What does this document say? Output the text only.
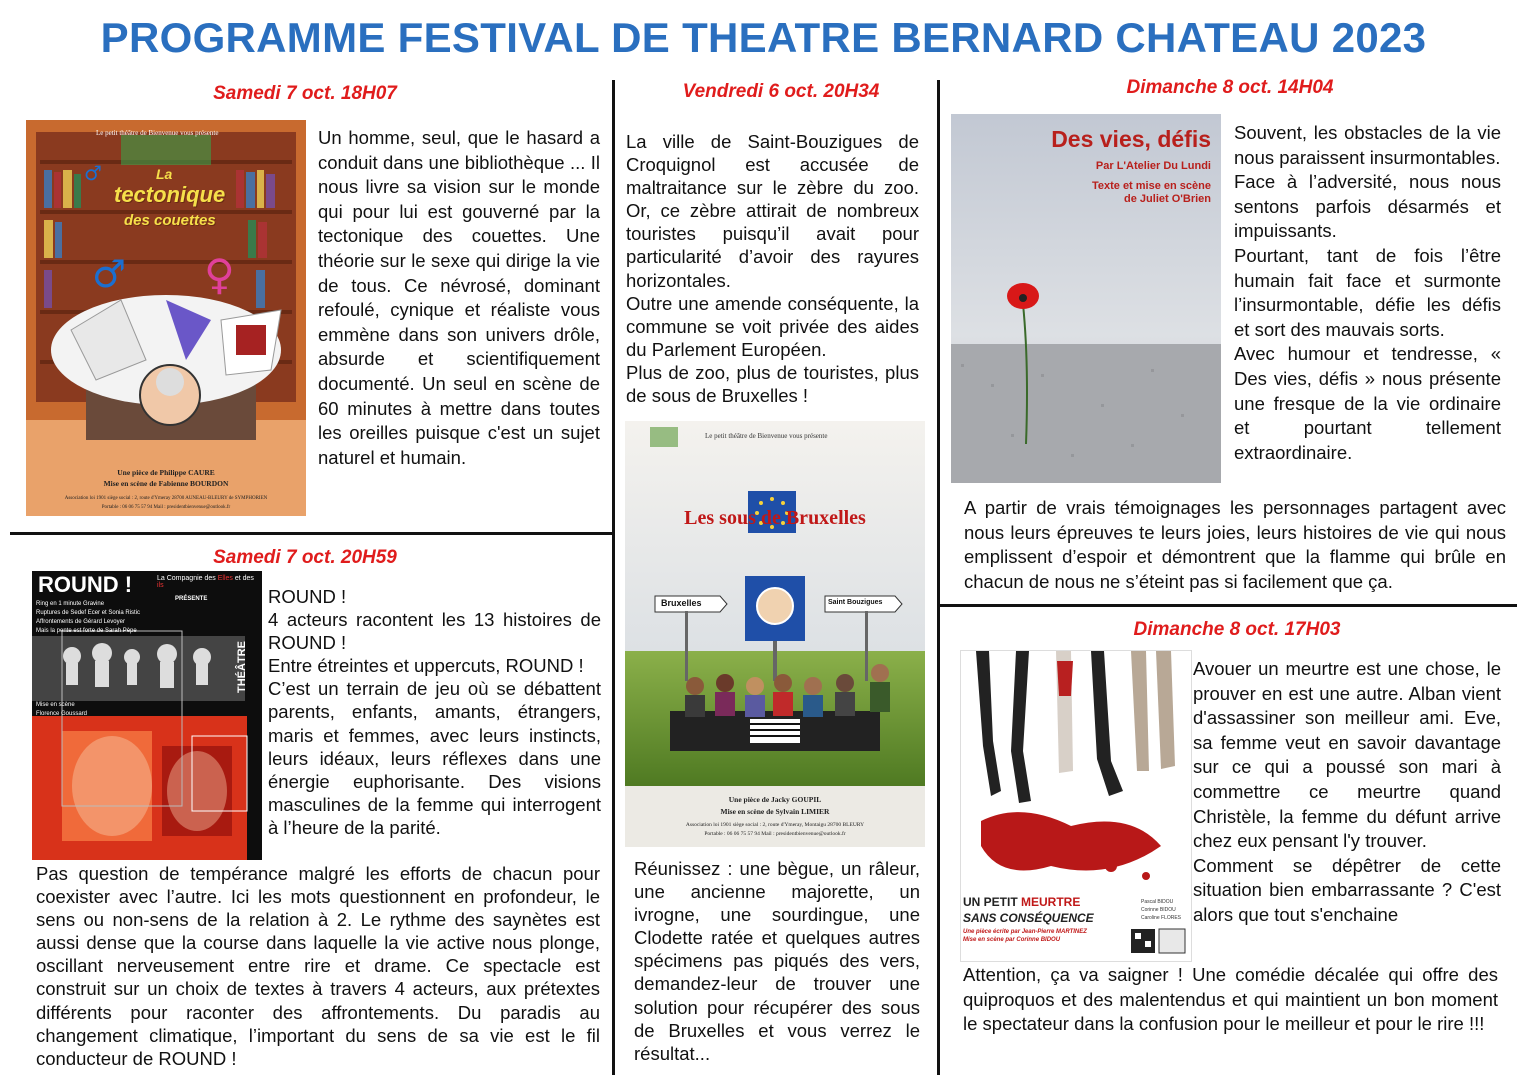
PROGRAMME FESTIVAL DE THEATRE BERNARD CHATEAU 2023
Samedi 7 oct. 18H07
♂
Le petit théâtre de Bienvenue vous présente
La
tectonique
des couettes
♂ ♀
Une pièce de Philippe CAURE
Mise en scène de Fabienne BOURDON
Association loi 1901 siège social : 2, route d'Ymeray 28700 AUNEAU-BLEURY de SYMPHORIEN
Portable : 06 06 75 57 94 Mail : presidentbienvenue@outlook.fr

Un homme, seul, que le hasard a conduit dans une bibliothèque ... Il nous livre sa vision sur le monde qui pour lui est gouverné par la tectonique des couettes. Une théorie sur le sexe qui dirige la vie de tous. Ce névrosé, dominant refoulé, cynique et réaliste vous emmène dans son univers drôle, absurde et scientifiquement documenté. Un seul en scène de 60 minutes à mettre dans toutes les oreilles puisque c'est un sujet naturel et humain.

Samedi 7 oct. 20H59
ROUND !	La Compagnie des Elles et des ils
PRÉSENTE
Ring en 1 minute Gravine
Ruptures de Sedef Ecer et Sonia Ristic
Affrontements de Gérard Levoyer
Mais la pente est forte de Sarah Pèpe
THÉÂTRE
Mise en scène
Florence Goussard

ROUND !

4 acteurs racontent les 13 histoires de ROUND !

Entre étreintes et uppercuts, ROUND !

C’est un terrain de jeu où se débattent parents, enfants, amants, étrangers, maris et femmes, avec leurs instincts, leurs idéaux, leurs réflexes dans une énergie euphorisante. Des visions masculines de la femme qui interrogent à l’heure de la parité.

Pas question de tempérance malgré les efforts de chacun pour coexister avec l’autre. Ici les mots questionnent en profondeur, le sens ou non-sens de la relation à 2. Le rythme des saynètes est aussi dense que la course dans laquelle la vie active nous plonge, oscillant nerveusement entre rire et drame. Ce spectacle est construit sur un choix de textes à travers 4 acteurs, aux prétextes différents pour raconter des affrontements. Du paradis au changement climatique, l’important du sens de sa vie est le fil conducteur de ROUND !
Vendredi 6 oct. 20H34

La ville de Saint-Bouzigues de Croquignol est accusée de maltraitance sur le zèbre du zoo. Or, ce zèbre attirait de nombreux touristes puisqu’il avait pour particularité d’avoir des rayures horizontales.

Outre une amende conséquente, la commune se voit privée des aides du Parlement Européen.

Plus de zoo, plus de touristes, plus de sous de Bruxelles !

Le petit théâtre de Bienvenue vous présente
Les sous de Bruxelles
Bruxelles	Saint Bouzigues
Une pièce de Jacky GOUPIL
Mise en scène de Sylvain LIMIER
Association loi 1901 siège social : 2, route d'Ymeray, Montaigu 28700 BLEURY
Portable : 06 06 75 57 94 Mail : presidentbienvenue@outlook.fr
Réunissez : une bègue, un râleur, une ancienne majorette, un ivrogne, une sourdingue, une Clodette ratée et quelques autres spécimens pas piqués des vers, demandez-leur de trouver une solution pour récupérer des sous de Bruxelles et vous verrez le résultat...
Dimanche 8 oct. 14H04
Des vies, défis
Par L'Atelier Du Lundi
Texte et mise en scène
de Juliet O'Brien

Souvent, les obstacles de la vie nous paraissent insurmontables.

Face à l’adversité, nous nous sentons parfois désarmés et impuissants.

Pourtant, tant de fois l’être humain fait face et surmonte l’insurmontable, défie les défis et sort des mauvais sorts.

Avec humour et tendresse, « Des vies, défis » nous présente une fresque de la vie ordinaire et pourtant tellement extraordinaire.

A partir de vrais témoignages les personnages partagent avec nous leurs épreuves te leurs joies, leurs histoires de vie qui nous emplissent d’espoir et démontrent que la flamme qui brûle en chacun de nous ne s’éteint pas si facilement que ça.
Dimanche 8 oct. 17H03
UN PETIT MEURTRE
SANS CONSÉQUENCE
Une pièce écrite par Jean-Pierre MARTINEZ
Mise en scène par Corinne BIDOU
Pascal BIDOU
Corinne BIDOU
Caroline FLORES

Avouer un meurtre est une chose, le prouver en est une autre. Alban vient d'assassiner son meilleur ami. Eve, sa femme veut en savoir davantage sur ce qui a poussé son mari à commettre ce meurtre quand Christèle, la femme du défunt arrive chez eux pensant l'y trouver.

Comment se dépêtrer de cette situation bien embarrassante ? C'est alors que tout s'enchaine

Attention, ça va saigner ! Une comédie décalée qui offre des quiproquos et des malentendus et qui maintient un bon moment le spectateur dans la confusion pour le meilleur et pour le rire !!!
